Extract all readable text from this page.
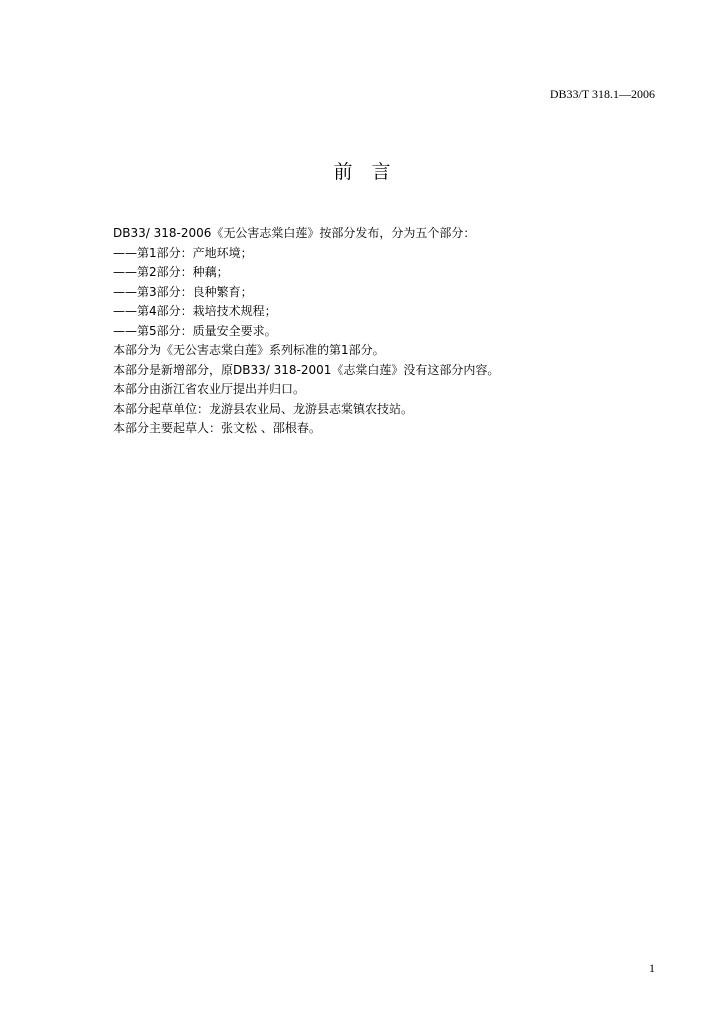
DB33/T 318.1—2006
前言
DB33/ 318-2006《无公害志棠白莲》按部分发布，分为五个部分：
——第1部分：产地环境；
——第2部分：种藕；
——第3部分：良种繁育；
——第4部分：栽培技术规程；
——第5部分：质量安全要求。
本部分为《无公害志棠白莲》系列标准的第1部分。
本部分是新增部分，原DB33/ 318-2001《志棠白莲》没有这部分内容。
本部分由浙江省农业厅提出并归口。
本部分起草单位：龙游县农业局、龙游县志棠镇农技站。
本部分主要起草人：张文松 、邵根春。
1
